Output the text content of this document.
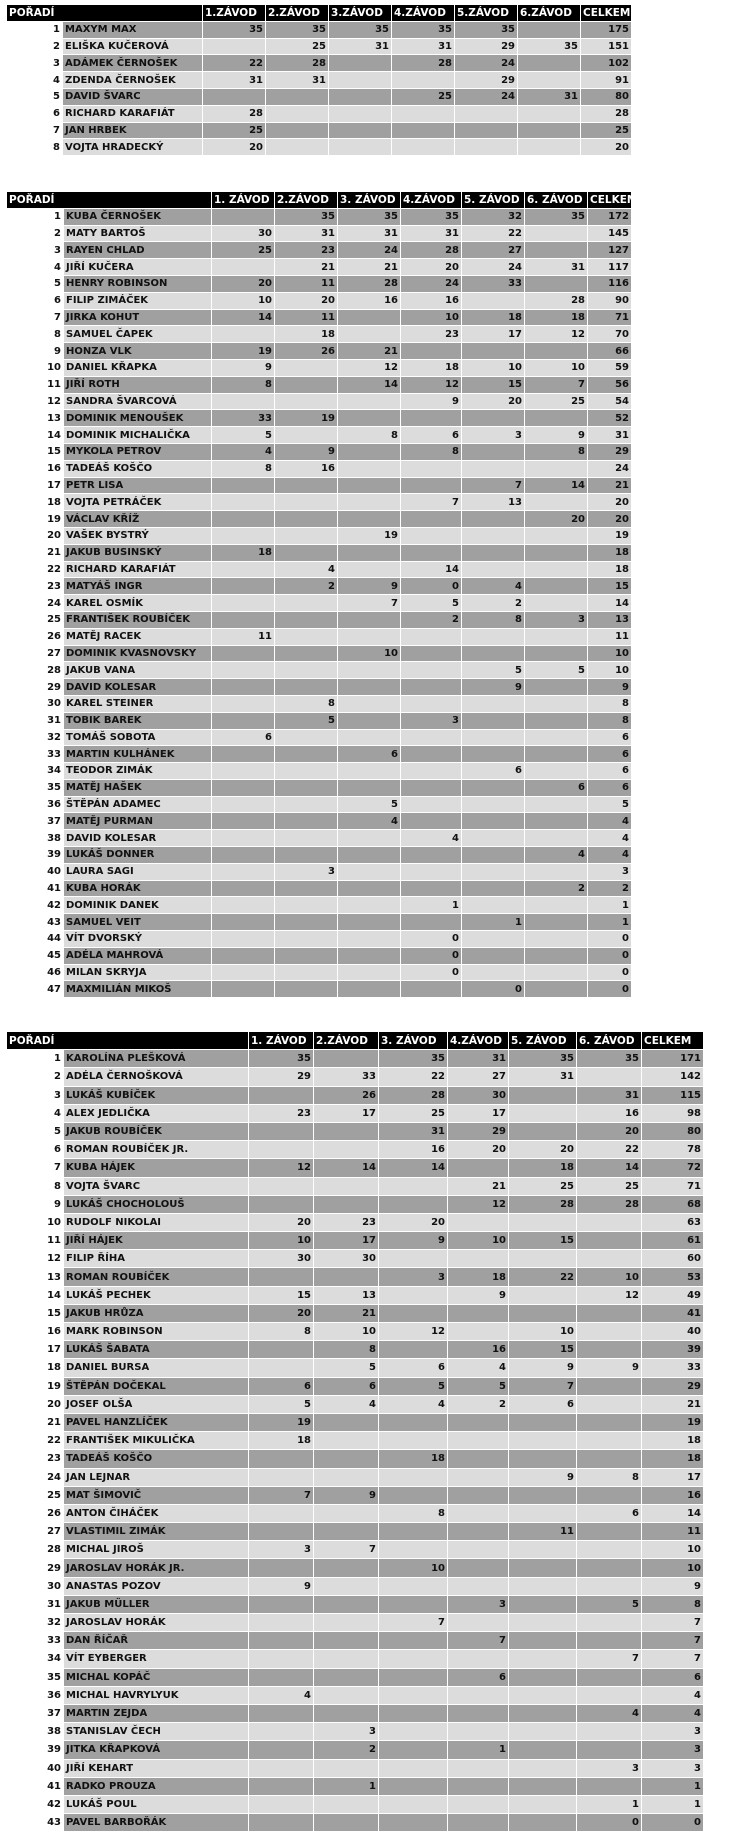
POŘADÍ		1.ZÁVOD	2.ZÁVOD	3.ZÁVOD	4.ZÁVOD	5.ZÁVOD	6.ZÁVOD	CELKEM
1	MAXYM MAX	35	35	35	35	35		175
2	ELIŠKA KUČEROVÁ		25	31	31	29	35	151
3	ADÁMEK ČERNOŠEK	22	28		28	24		102
4	ZDENDA ČERNOŠEK	31	31			29		91
5	DAVID ŠVARC				25	24	31	80
6	RICHARD KARAFIÁT	28						28
7	JAN HRBEK	25						25
8	VOJTA HRADECKÝ	20						20
POŘADÍ		1. ZÁVOD	2.ZÁVOD	3. ZÁVOD	4.ZÁVOD	5. ZÁVOD	6. ZÁVOD	CELKEM
1	KUBA ČERNOŠEK		35	35	35	32	35	172
2	MATY BARTOŠ	30	31	31	31	22		145
3	RAYEN CHLAD	25	23	24	28	27		127
4	JIŘÍ KUČERA		21	21	20	24	31	117
5	HENRY ROBINSON	20	11	28	24	33		116
6	FILIP ZIMÁČEK	10	20	16	16		28	90
7	JIRKA KOHUT	14	11		10	18	18	71
8	SAMUEL ČAPEK		18		23	17	12	70
9	HONZA VLK	19	26	21				66
10	DANIEL KŘAPKA	9		12	18	10	10	59
11	JIŘÍ ROTH	8		14	12	15	7	56
12	SANDRA ŠVARCOVÁ				9	20	25	54
13	DOMINIK MENOUŠEK	33	19					52
14	DOMINIK MICHALIČKA	5		8	6	3	9	31
15	MYKOLA PETROV	4	9		8		8	29
16	TADEÁŠ KOŠČO	8	16					24
17	PETR LISA					7	14	21
18	VOJTA PETRÁČEK				7	13		20
19	VÁCLAV KŘÍŽ						20	20
20	VAŠEK BYSTRÝ			19				19
21	JAKUB BUSINSKÝ	18						18
22	RICHARD KARAFIÁT		4		14			18
23	MATYÁŠ INGR		2	9	0	4		15
24	KAREL OSMÍK			7	5	2		14
25	FRANTIŠEK ROUBÍČEK				2	8	3	13
26	MATĚJ RACEK	11						11
27	DOMINIK KVASNOVSKY			10				10
28	JAKUB VANA					5	5	10
29	DAVID KOLESAR					9		9
30	KAREL STEINER		8					8
31	TOBIK BAREK		5		3			8
32	TOMÁŠ SOBOTA	6						6
33	MARTIN KULHÁNEK			6				6
34	TEODOR ZIMÁK					6		6
35	MATĚJ HAŠEK						6	6
36	ŠTĚPÁN ADAMEC			5				5
37	MATĚJ PURMAN			4				4
38	DAVID KOLESAR				4			4
39	LUKÁŠ DONNER						4	4
40	LAURA SAGI		3					3
41	KUBA HORÁK						2	2
42	DOMINIK DANEK				1			1
43	SAMUEL VEIT					1		1
44	VÍT DVORSKÝ				0			0
45	ADÉLA MAHROVÁ				0			0
46	MILAN SKRYJA				0			0
47	MAXMILIÁN MIKOŠ					0		0
POŘADÍ		1. ZÁVOD	2.ZÁVOD	3. ZÁVOD	4.ZÁVOD	5. ZÁVOD	6. ZÁVOD	CELKEM
1	KAROLÍNA PLEŠKOVÁ	35		35	31	35	35	171
2	ADÉLA ČERNOŠKOVÁ	29	33	22	27	31		142
3	LUKÁŠ KUBÍČEK		26	28	30		31	115
4	ALEX JEDLIČKA	23	17	25	17		16	98
5	JAKUB ROUBÍČEK			31	29		20	80
6	ROMAN ROUBÍČEK JR.			16	20	20	22	78
7	KUBA HÁJEK	12	14	14		18	14	72
8	VOJTA ŠVARC				21	25	25	71
9	LUKÁŠ CHOCHOLOUŠ				12	28	28	68
10	RUDOLF NIKOLAI	20	23	20				63
11	JIŘÍ HÁJEK	10	17	9	10	15		61
12	FILIP ŘÍHA	30	30					60
13	ROMAN ROUBÍČEK			3	18	22	10	53
14	LUKÁŠ PECHEK	15	13		9		12	49
15	JAKUB HRŮZA	20	21					41
16	MARK ROBINSON	8	10	12		10		40
17	LUKÁŠ ŠABATA		8		16	15		39
18	DANIEL BURSA		5	6	4	9	9	33
19	ŠTĚPÁN DOČEKAL	6	6	5	5	7		29
20	JOSEF OLŠA	5	4	4	2	6		21
21	PAVEL HANZLÍČEK	19						19
22	FRANTIŠEK MIKULIČKA	18						18
23	TADEÁŠ KOŠČO			18				18
24	JAN LEJNAR					9	8	17
25	MAT ŠIMOVIČ	7	9					16
26	ANTON ČIHÁČEK			8			6	14
27	VLASTIMIL ZIMÁK					11		11
28	MICHAL JIROŠ	3	7					10
29	JAROSLAV HORÁK JR.			10				10
30	ANASTAS POZOV	9						9
31	JAKUB MÜLLER				3		5	8
32	JAROSLAV HORÁK			7				7
33	DAN ŘÍČAŘ				7			7
34	VÍT EYBERGER						7	7
35	MICHAL KOPÁČ				6			6
36	MICHAL HAVRYLYUK	4						4
37	MARTIN ZEJDA						4	4
38	STANISLAV ČECH		3					3
39	JITKA KŘAPKOVÁ		2		1			3
40	JIŘÍ KEHART						3	3
41	RADKO PROUZA		1					1
42	LUKÁŠ POUL						1	1
43	PAVEL BARBOŘÁK						0	0
